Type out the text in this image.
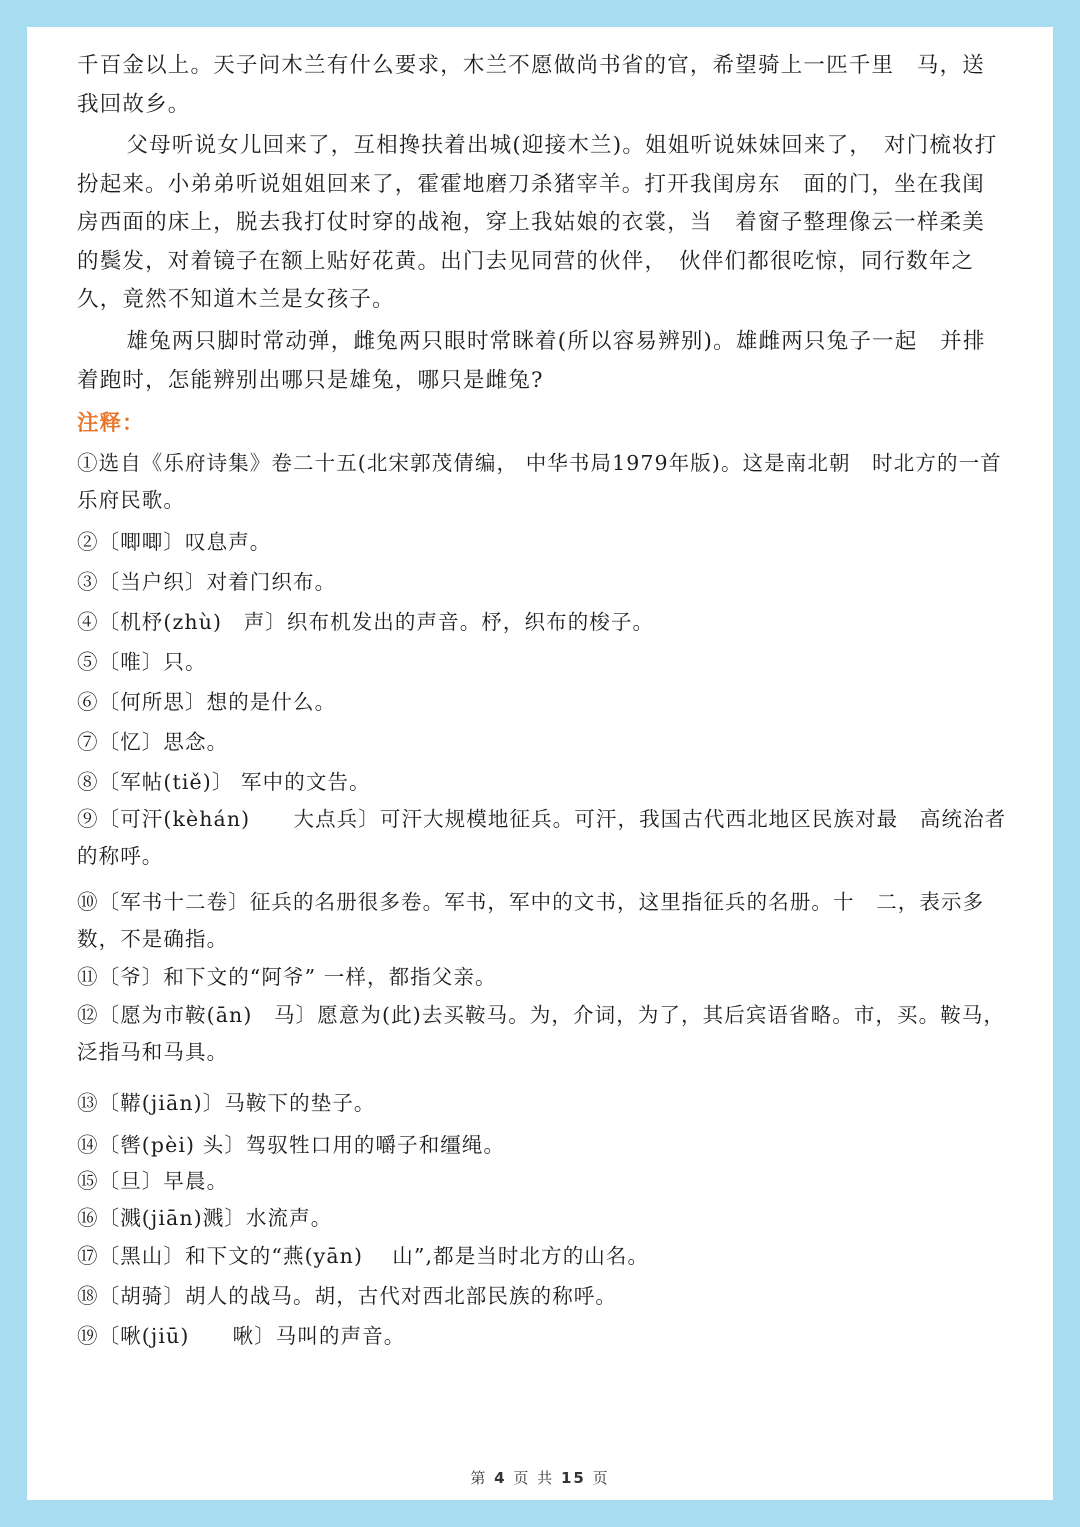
千百金以上。天子问木兰有什么要求，木兰不愿做尚书省的官，希望骑上一匹千里　马，送我回故乡。

父母听说女儿回来了，互相搀扶着出城(迎接木兰)。姐姐听说妹妹回来了，　对门梳妆打扮起来。小弟弟听说姐姐回来了，霍霍地磨刀杀猪宰羊。打开我闺房东　面的门，坐在我闺房西面的床上，脱去我打仗时穿的战袍，穿上我姑娘的衣裳，当　着窗子整理像云一样柔美的鬓发，对着镜子在额上贴好花黄。出门去见同营的伙伴，　伙伴们都很吃惊，同行数年之久，竟然不知道木兰是女孩子。

雄兔两只脚时常动弹，雌兔两只眼时常眯着(所以容易辨别)。雄雌两只兔子一起　并排着跑时，怎能辨别出哪只是雄兔，哪只是雌兔?

注释：

①选自《乐府诗集》卷二十五(北宋郭茂倩编， 中华书局1979年版)。这是南北朝　时北方的一首乐府民歌。

②〔唧唧〕叹息声。

③〔当户织〕对着门织布。

④〔机杼(zhù)　声〕织布机发出的声音。杼，织布的梭子。

⑤〔唯〕只。

⑥〔何所思〕想的是什么。

⑦〔忆〕思念。

⑧〔军帖(tiě)〕 军中的文告。

⑨〔可汗(kèhán)　　大点兵〕可汗大规模地征兵。可汗，我国古代西北地区民族对最　高统治者的称呼。

⑩〔军书十二卷〕征兵的名册很多卷。军书，军中的文书，这里指征兵的名册。十　二，表示多数，不是确指。

⑪〔爷〕和下文的“阿爷” 一样，都指父亲。

⑫〔愿为市鞍(ān)　马〕愿意为(此)去买鞍马。为，介词，为了，其后宾语省略。市，买。鞍马，泛指马和马具。

⑬〔鞯(jiān)〕马鞍下的垫子。

⑭〔辔(pèi) 头〕驾驭牲口用的嚼子和缰绳。

⑮〔旦〕早晨。

⑯〔溅(jiān)溅〕水流声。

⑰〔黑山〕和下文的“燕(yān)　 山”,都是当时北方的山名。

⑱〔胡骑〕胡人的战马。胡，古代对西北部民族的称呼。

⑲〔啾(jiū)　　啾〕马叫的声音。

第 4 页 共 15 页
